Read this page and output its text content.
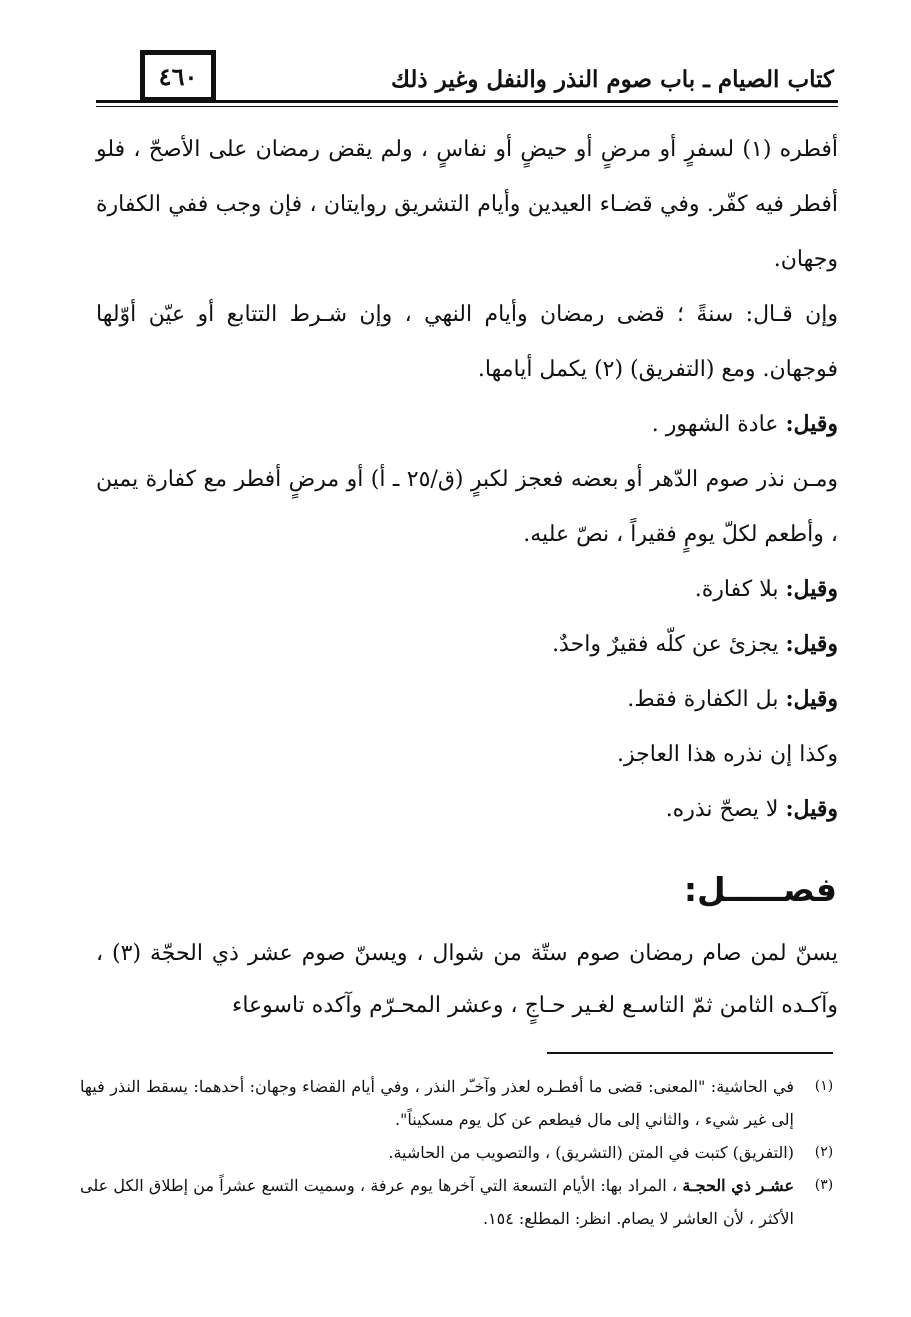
كتاب الصيام ـ باب صوم النذر والنفل وغير ذلك
٤٦٠

أفطره (١) لسفرٍ أو مرضٍ أو حيضٍ أو نفاسٍ ، ولم يقض رمضان على الأصحّ ، فلو أفطر فيه كفّر. وفي قضـاء العيدين وأيام التشريق روايتان ، فإن وجب ففي الكفارة وجهان.

وإن قـال: سنةً ؛ قضى رمضان وأيام النهي ، وإن شـرط التتابع أو عيّن أوّلها فوجهان. ومع (التفريق) (٢) يكمل أيامها.

وقيل: عادة الشهور .

ومـن نذر صوم الدّهر أو بعضه فعجز لكبرٍ (ق/٢٥ ـ أ) أو مرضٍ أفطر مع كفارة يمين ، وأطعم لكلّ يومٍ فقيراً ، نصّ عليه.

وقيل: بلا كفارة.

وقيل: يجزئ عن كلّه فقيرٌ واحدٌ.

وقيل: بل الكفارة فقط.

وكذا إن نذره هذا العاجز.

وقيل: لا يصحّ نذره.

فصـــــل:

يسنّ لمن صام رمضان صوم ستّة من شوال ، ويسنّ صوم عشر ذي الحجّة (٣) ، وآكـده الثامن ثمّ التاسـع لغـير حـاجٍ ، وعشر المحـرّم وآكده تاسوعاء

(١)
في الحاشية: "المعنى: قضى ما أفطـره لعذر وآخـّر النذر ، وفي أيام القضاء وجهان: أحدهما: يسقط النذر فيها إلى غير شيء ، والثاني إلى مال فيطعم عن كل يوم مسكيناً".
(٢)
(التفريق) كتبت في المتن (التشريق) ، والتصويب من الحاشية.
(٣)
عشـر ذي الحجـة ، المراد بها: الأيام التسعة التي آخرها يوم عرفة ، وسميت التسع عشراً من إطلاق الكل على الأكثر ، لأن العاشر لا يصام. انظر: المطلع: ١٥٤.
